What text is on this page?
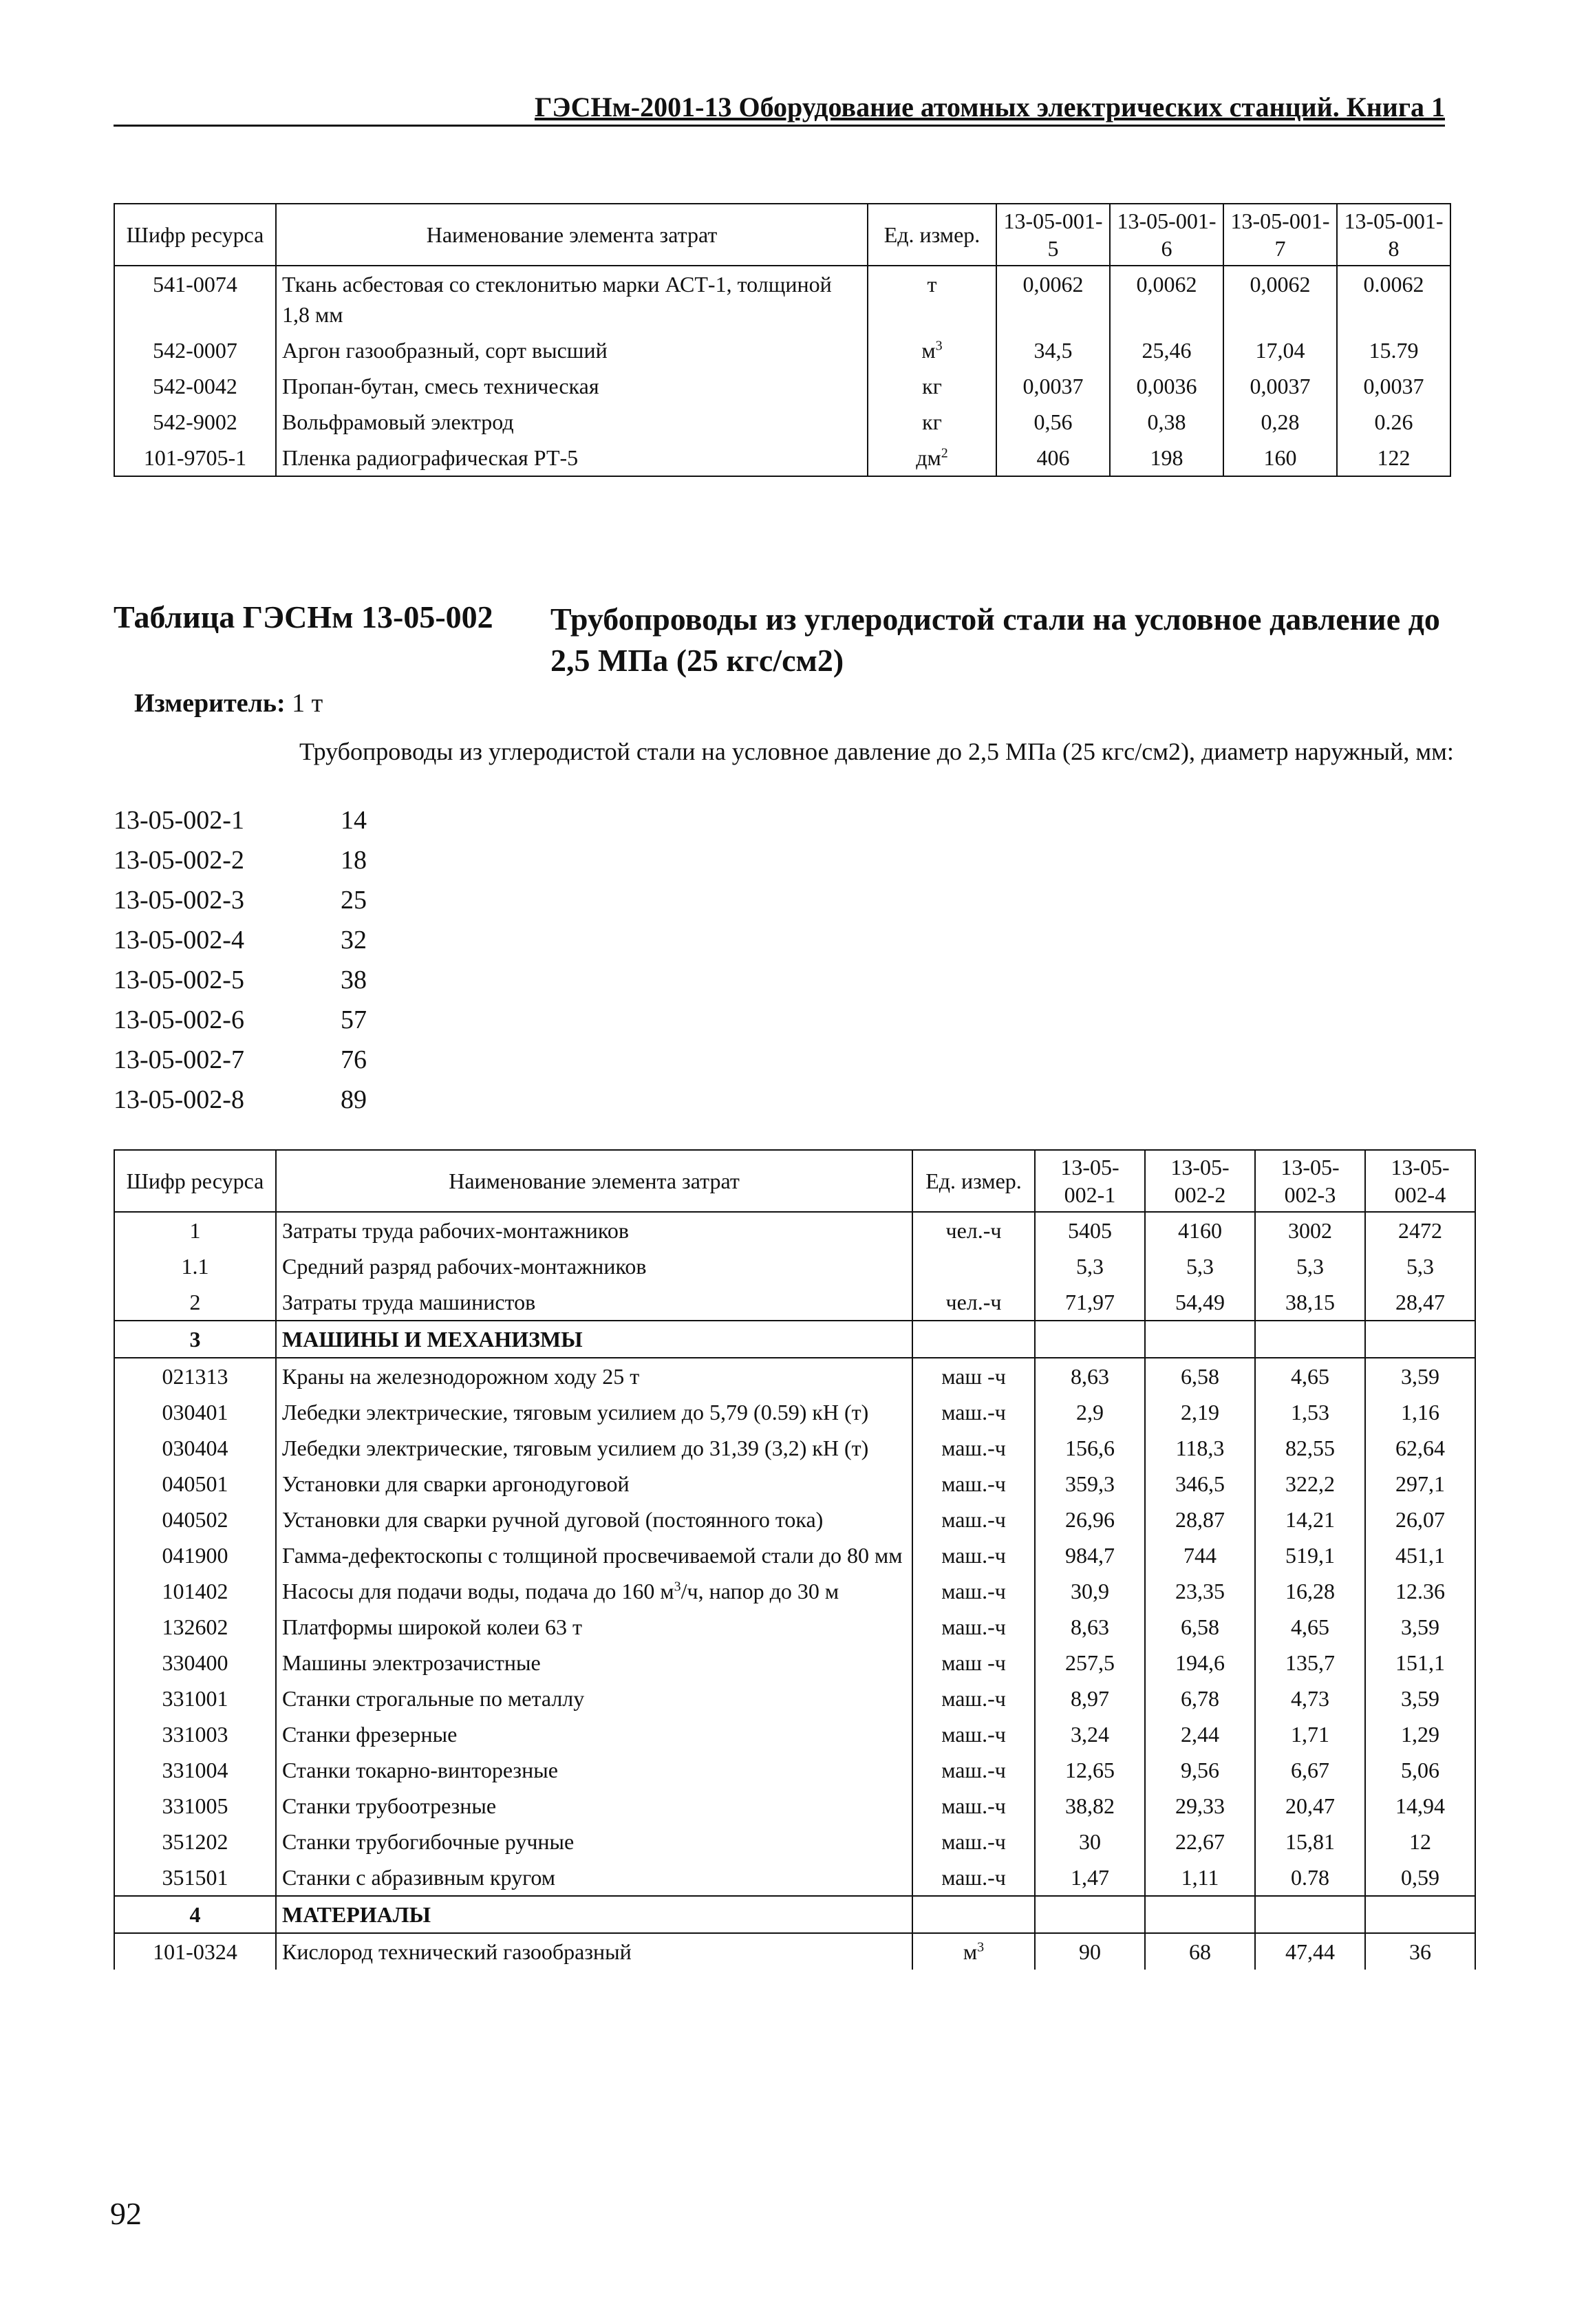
ГЭСНм-2001-13 Оборудование атомных электрических станций. Книга 1
Шифр ресурса	Наименование элемента затрат	Ед. измер.	13-05-001-5	13-05-001-6	13-05-001-7	13-05-001-8
541-0074	Ткань асбестовая со стеклонитью марки АСТ-1, толщиной 1,8 мм	т	0,0062	0,0062	0,0062	0.0062
542-0007	Аргон газообразный, сорт высший	$м^3$	34,5	25,46	17,04	15.79
542-0042	Пропан-бутан, смесь техническая	кг	0,0037	0,0036	0,0037	0,0037
542-9002	Вольфрамовый электрод	кг	0,56	0,38	0,28	0.26
101-9705-1	Пленка радиографическая РТ-5	$дм^2$	406	198	160	122
Таблица ГЭСНм 13-05-002 Трубопроводы из углеродистой стали на условное давление до 2,5 МПа (25 кгс/см2)
Измеритель: 1 т
Трубопроводы из углеродистой стали на условное давление до 2,5 МПа (25 кгс/см2), диаметр наружный, мм:
13-05-002-1	14
13-05-002-2	18
13-05-002-3	25
13-05-002-4	32
13-05-002-5	38
13-05-002-6	57
13-05-002-7	76
13-05-002-8	89
Шифр ресурса	Наименование элемента затрат	Ед. измер.	13-05-002-1	13-05-002-2	13-05-002-3	13-05-002-4
1	Затраты труда рабочих-монтажников	чел.-ч	5405	4160	3002	2472
1.1	Средний разряд рабочих-монтажников		5,3	5,3	5,3	5,3
2	Затраты труда машинистов	чел.-ч	71,97	54,49	38,15	28,47
3	МАШИНЫ И МЕХАНИЗМЫ					
021313	Краны на железнодорожном ходу 25 т	маш -ч	8,63	6,58	4,65	3,59
030401	Лебедки электрические, тяговым усилием до 5,79 (0.59) кН (т)	маш.-ч	2,9	2,19	1,53	1,16
030404	Лебедки электрические, тяговым усилием до 31,39 (3,2) кН (т)	маш.-ч	156,6	118,3	82,55	62,64
040501	Установки для сварки аргонодуговой	маш.-ч	359,3	346,5	322,2	297,1
040502	Установки для сварки ручной дуговой (постоянного тока)	маш.-ч	26,96	28,87	14,21	26,07
041900	Гамма-дефектоскопы с толщиной просвечиваемой стали до 80 мм	маш.-ч	984,7	744	519,1	451,1
101402	Насосы для подачи воды, подача до 160 $м^3/ч$, напор до 30 м	маш.-ч	30,9	23,35	16,28	12.36
132602	Платформы широкой колеи 63 т	маш.-ч	8,63	6,58	4,65	3,59
330400	Машины электрозачистные	маш -ч	257,5	194,6	135,7	151,1
331001	Станки строгальные по металлу	маш.-ч	8,97	6,78	4,73	3,59
331003	Станки фрезерные	маш.-ч	3,24	2,44	1,71	1,29
331004	Станки токарно-винторезные	маш.-ч	12,65	9,56	6,67	5,06
331005	Станки трубоотрезные	маш.-ч	38,82	29,33	20,47	14,94
351202	Станки трубогибочные ручные	маш.-ч	30	22,67	15,81	12
351501	Станки с абразивным кругом	маш.-ч	1,47	1,11	0.78	0,59
4	МАТЕРИАЛЫ					
101-0324	Кислород технический газообразный	$м^3$	90	68	47,44	36
92
